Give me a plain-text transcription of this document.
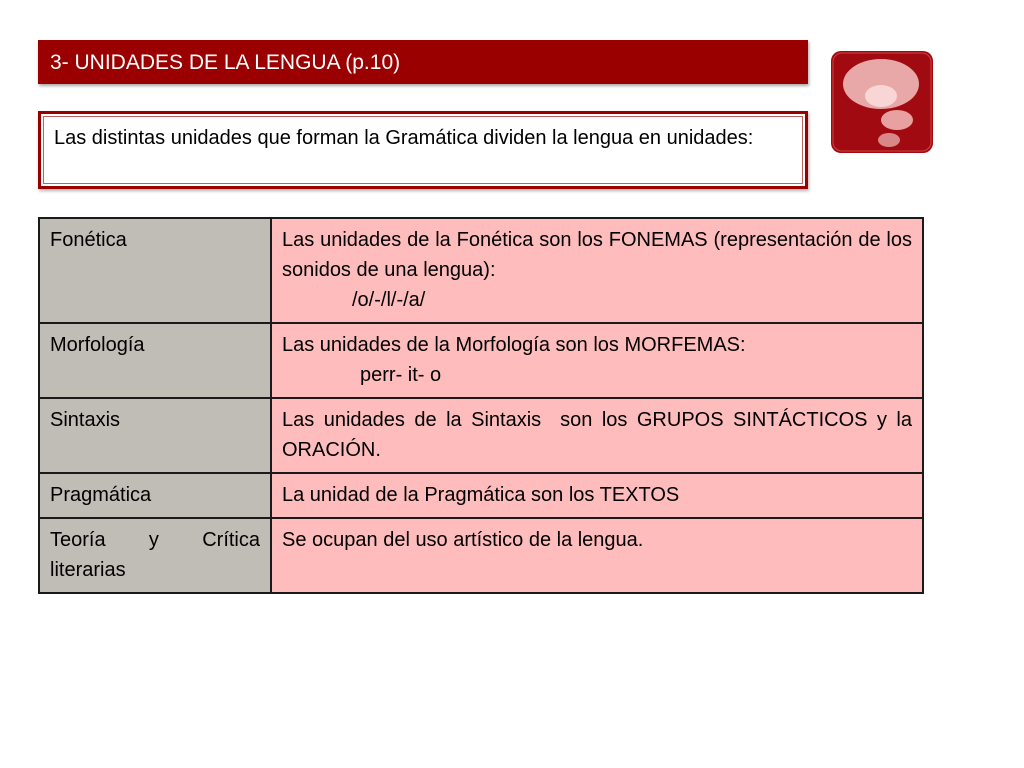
3- UNIDADES DE LA LENGUA (p.10)
Las distintas unidades que forman la Gramática dividen la lengua en unidades:
Fonética	Las unidades de la Fonética son los FONEMAS (representación de los sonidos de una lengua):
/o/-/l/-/a/

Morfología	Las unidades de la Morfología son los MORFEMAS:
perr- it- o

Sintaxis	Las unidades de la Sintaxis  son los GRUPOS SINTÁCTICOS y la ORACIÓN.

Pragmática	La unidad de la Pragmática son los TEXTOS

Teoría y Crítica literarias	Se ocupan del uso artístico de la lengua.
